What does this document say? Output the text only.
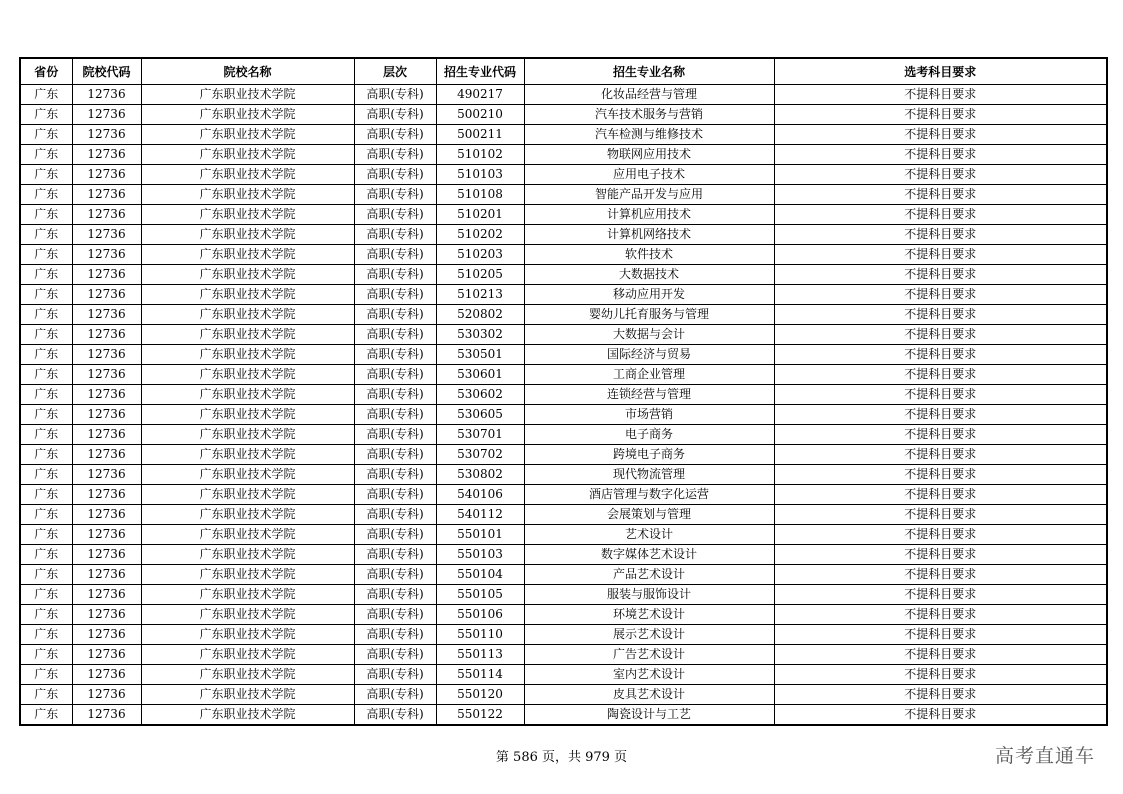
省份	院校代码	院校名称	层次	招生专业代码	招生专业名称	选考科目要求
广东	12736	广东职业技术学院	高职(专科)	490217	化妆品经营与管理	不提科目要求
广东	12736	广东职业技术学院	高职(专科)	500210	汽车技术服务与营销	不提科目要求
广东	12736	广东职业技术学院	高职(专科)	500211	汽车检测与维修技术	不提科目要求
广东	12736	广东职业技术学院	高职(专科)	510102	物联网应用技术	不提科目要求
广东	12736	广东职业技术学院	高职(专科)	510103	应用电子技术	不提科目要求
广东	12736	广东职业技术学院	高职(专科)	510108	智能产品开发与应用	不提科目要求
广东	12736	广东职业技术学院	高职(专科)	510201	计算机应用技术	不提科目要求
广东	12736	广东职业技术学院	高职(专科)	510202	计算机网络技术	不提科目要求
广东	12736	广东职业技术学院	高职(专科)	510203	软件技术	不提科目要求
广东	12736	广东职业技术学院	高职(专科)	510205	大数据技术	不提科目要求
广东	12736	广东职业技术学院	高职(专科)	510213	移动应用开发	不提科目要求
广东	12736	广东职业技术学院	高职(专科)	520802	婴幼儿托育服务与管理	不提科目要求
广东	12736	广东职业技术学院	高职(专科)	530302	大数据与会计	不提科目要求
广东	12736	广东职业技术学院	高职(专科)	530501	国际经济与贸易	不提科目要求
广东	12736	广东职业技术学院	高职(专科)	530601	工商企业管理	不提科目要求
广东	12736	广东职业技术学院	高职(专科)	530602	连锁经营与管理	不提科目要求
广东	12736	广东职业技术学院	高职(专科)	530605	市场营销	不提科目要求
广东	12736	广东职业技术学院	高职(专科)	530701	电子商务	不提科目要求
广东	12736	广东职业技术学院	高职(专科)	530702	跨境电子商务	不提科目要求
广东	12736	广东职业技术学院	高职(专科)	530802	现代物流管理	不提科目要求
广东	12736	广东职业技术学院	高职(专科)	540106	酒店管理与数字化运营	不提科目要求
广东	12736	广东职业技术学院	高职(专科)	540112	会展策划与管理	不提科目要求
广东	12736	广东职业技术学院	高职(专科)	550101	艺术设计	不提科目要求
广东	12736	广东职业技术学院	高职(专科)	550103	数字媒体艺术设计	不提科目要求
广东	12736	广东职业技术学院	高职(专科)	550104	产品艺术设计	不提科目要求
广东	12736	广东职业技术学院	高职(专科)	550105	服装与服饰设计	不提科目要求
广东	12736	广东职业技术学院	高职(专科)	550106	环境艺术设计	不提科目要求
广东	12736	广东职业技术学院	高职(专科)	550110	展示艺术设计	不提科目要求
广东	12736	广东职业技术学院	高职(专科)	550113	广告艺术设计	不提科目要求
广东	12736	广东职业技术学院	高职(专科)	550114	室内艺术设计	不提科目要求
广东	12736	广东职业技术学院	高职(专科)	550120	皮具艺术设计	不提科目要求
广东	12736	广东职业技术学院	高职(专科)	550122	陶瓷设计与工艺	不提科目要求
第 586 页，共 979 页	高考直通车
